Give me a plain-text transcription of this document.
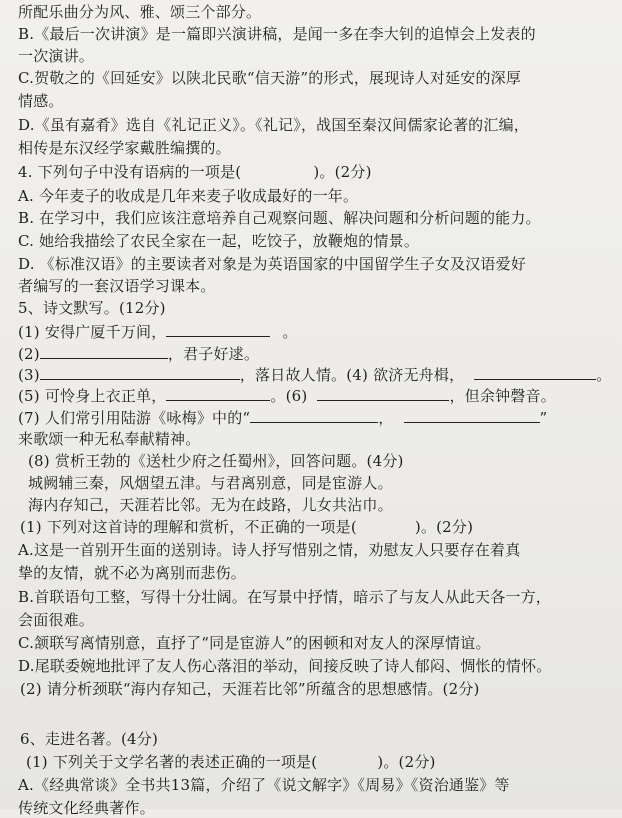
所配乐曲分为风、雅、颂三个部分。
B.《最后一次讲演》是一篇即兴演讲稿，是闻一多在李大钊的追悼会上发表的
一次演讲。
C.贺敬之的《回延安》以陕北民歌“信天游”的形式，展现诗人对延安的深厚
情感。
D.《虽有嘉肴》选自《礼记正义》。《礼记》，战国至秦汉间儒家论著的汇编，
相传是东汉经学家戴胜编撰的。
4. 下列句子中没有语病的一项是(	)。(2分)
A. 今年麦子的收成是几年来麦子收成最好的一年。
B. 在学习中，我们应该注意培养自己观察问题、解决问题和分析问题的能力。
C. 她给我描绘了农民全家在一起，吃饺子，放鞭炮的情景。
D. 《标准汉语》的主要读者对象是为英语国家的中国留学生子女及汉语爱好
者编写的一套汉语学习课本。
5、诗文默写。(12分)
(1) 安得广厦千万间，	。
(2)	，君子好逑。
(3)	，落日故人情。(4) 欲济无舟楫，	。
(5) 可怜身上衣正单，	。(6)	，但余钟磬音。
(7) 人们常引用陆游《咏梅》中的“	，	”
来歌颂一种无私奉献精神。
(8) 赏析王勃的《送杜少府之任蜀州》，回答问题。(4分)
城阙辅三秦，风烟望五津。与君离别意，同是宦游人。
海内存知己，天涯若比邻。无为在歧路，儿女共沾巾。
(1) 下列对这首诗的理解和赏析，不正确的一项是(	)。(2分)
A.这是一首别开生面的送别诗。诗人抒写惜别之情，劝慰友人只要存在着真
挚的友情，就不必为离别而悲伤。
B.首联语句工整，写得十分壮阔。在写景中抒情，暗示了与友人从此天各一方，
会面很难。
C.颔联写离情别意，直抒了“同是宦游人”的困顿和对友人的深厚情谊。
D.尾联委婉地批评了友人伤心落泪的举动，间接反映了诗人郁闷、惆怅的情怀。
(2) 请分析颈联“海内存知己，天涯若比邻”所蕴含的思想感情。(2分)
6、走进名著。(4分)
(1) 下列关于文学名著的表述正确的一项是(	)。(2分)
A.《经典常谈》全书共13篇，介绍了《说文解字》《周易》《资治通鉴》等
传统文化经典著作。
